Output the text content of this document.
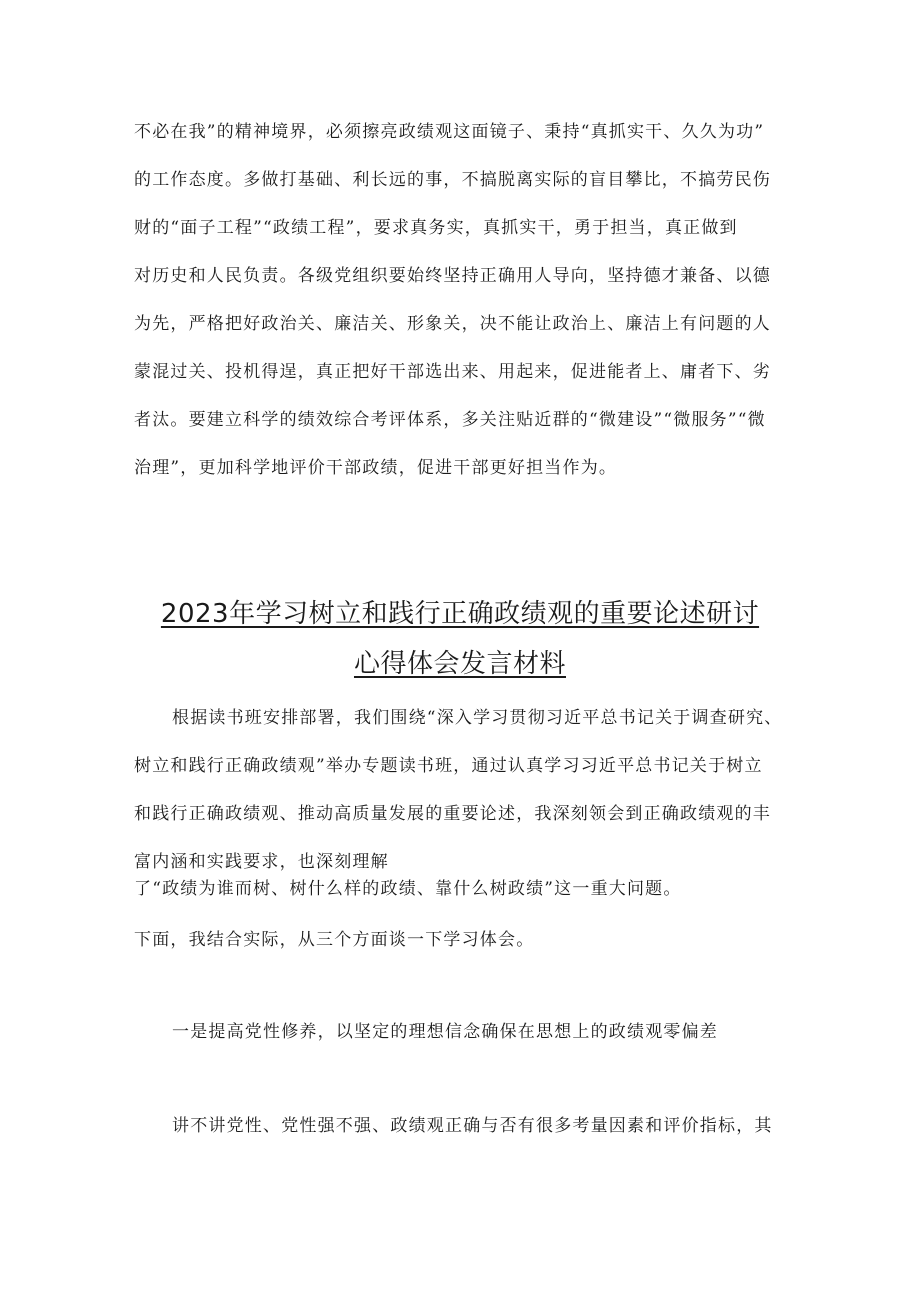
不必在我”的精神境界，必须擦亮政绩观这面镜子、秉持“真抓实干、久久为功”
的工作态度。多做打基础、利长远的事，不搞脱离实际的盲目攀比，不搞劳民伤
财的“面子工程”“政绩工程”，要求真务实，真抓实干，勇于担当，真正做到
对历史和人民负责。各级党组织要始终坚持正确用人导向，坚持德才兼备、以德
为先，严格把好政治关、廉洁关、形象关，决不能让政治上、廉洁上有问题的人
蒙混过关、投机得逞，真正把好干部选出来、用起来，促进能者上、庸者下、劣
者汰。要建立科学的绩效综合考评体系，多关注贴近群的“微建设”“微服务”“微
治理”，更加科学地评价干部政绩，促进干部更好担当作为。
2023年学习树立和践行正确政绩观的重要论述研讨
心得体会发言材料
根据读书班安排部署，我们围绕“深入学习贯彻习近平总书记关于调查研究、
树立和践行正确政绩观”举办专题读书班，通过认真学习习近平总书记关于树立
和践行正确政绩观、推动高质量发展的重要论述，我深刻领会到正确政绩观的丰
富内涵和实践要求，也深刻理解
了“政绩为谁而树、树什么样的政绩、靠什么树政绩”这一重大问题。
下面，我结合实际，从三个方面谈一下学习体会。
一是提高党性修养，以坚定的理想信念确保在思想上的政绩观零偏差
讲不讲党性、党性强不强、政绩观正确与否有很多考量因素和评价指标，其
